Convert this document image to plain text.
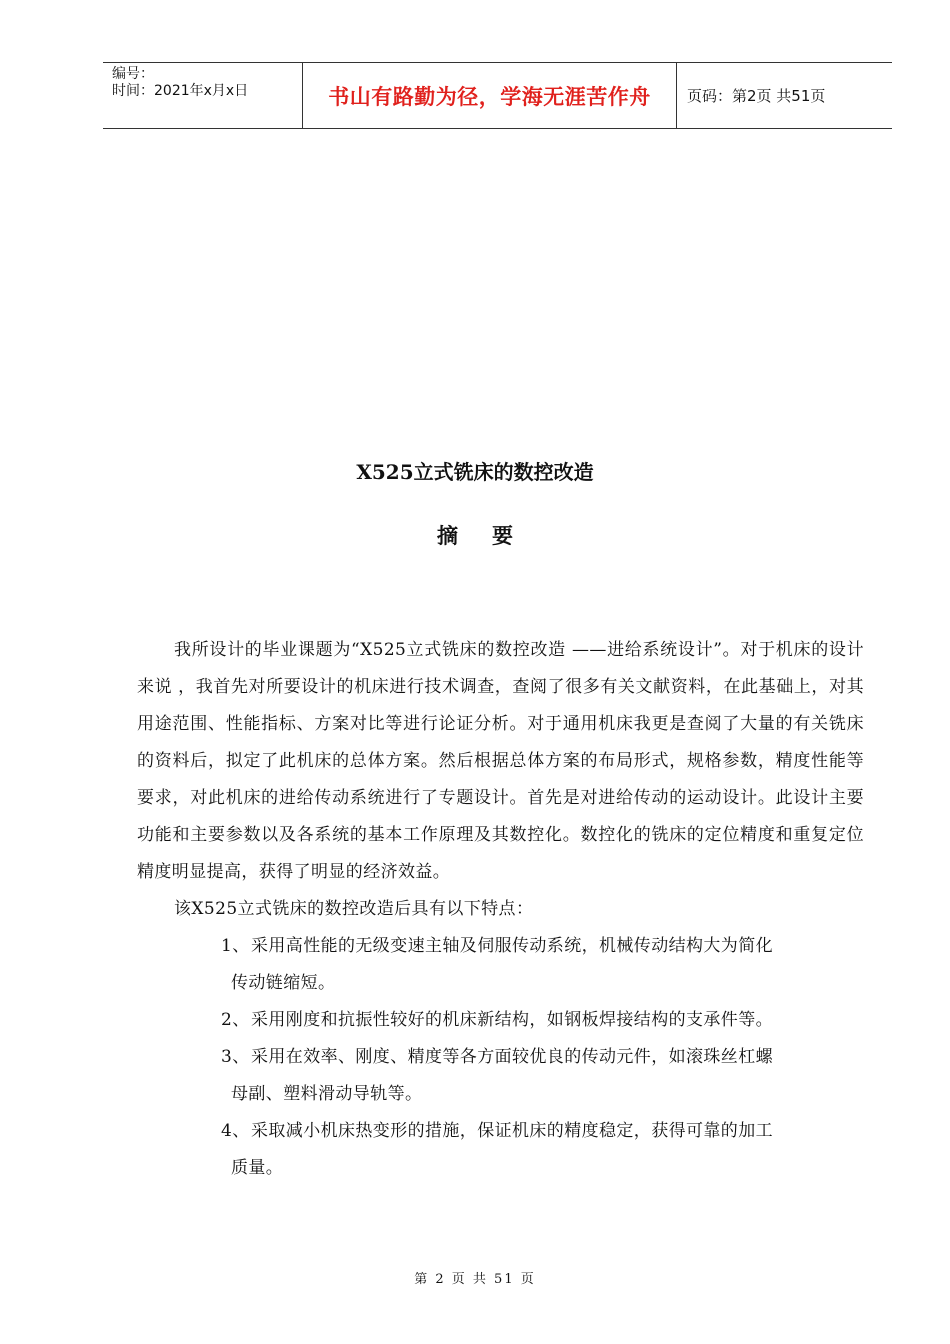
编号：
时间：2021年x月x日	书山有路勤为径，学海无涯苦作舟	页码：第2页 共51页
X525立式铣床的数控改造
摘要

我所设计的毕业课题为“X525立式铣床的数控改造 ——进给系统设计”。对于机床的设计来说 ，我首先对所要设计的机床进行技术调查，查阅了很多有关文献资料，在此基础上，对其用途范围、性能指标、方案对比等进行论证分析。对于通用机床我更是查阅了大量的有关铣床的资料后，拟定了此机床的总体方案。然后根据总体方案的布局形式，规格参数，精度性能等要求，对此机床的进给传动系统进行了专题设计。首先是对进给传动的运动设计。此设计主要功能和主要参数以及各系统的基本工作原理及其数控化。数控化的铣床的定位精度和重复定位精度明显提高，获得了明显的经济效益。

该X525立式铣床的数控改造后具有以下特点：

1、 采用高性能的无级变速主轴及伺服传动系统，机械传动结构大为简化
传动链缩短。
2、 采用刚度和抗振性较好的机床新结构，如钢板焊接结构的支承件等。
3、 采用在效率、刚度、精度等各方面较优良的传动元件，如滚珠丝杠螺
母副、塑料滑动导轨等。
4、 采取减小机床热变形的措施，保证机床的精度稳定，获得可靠的加工
质量。
第 2 页 共 51 页
